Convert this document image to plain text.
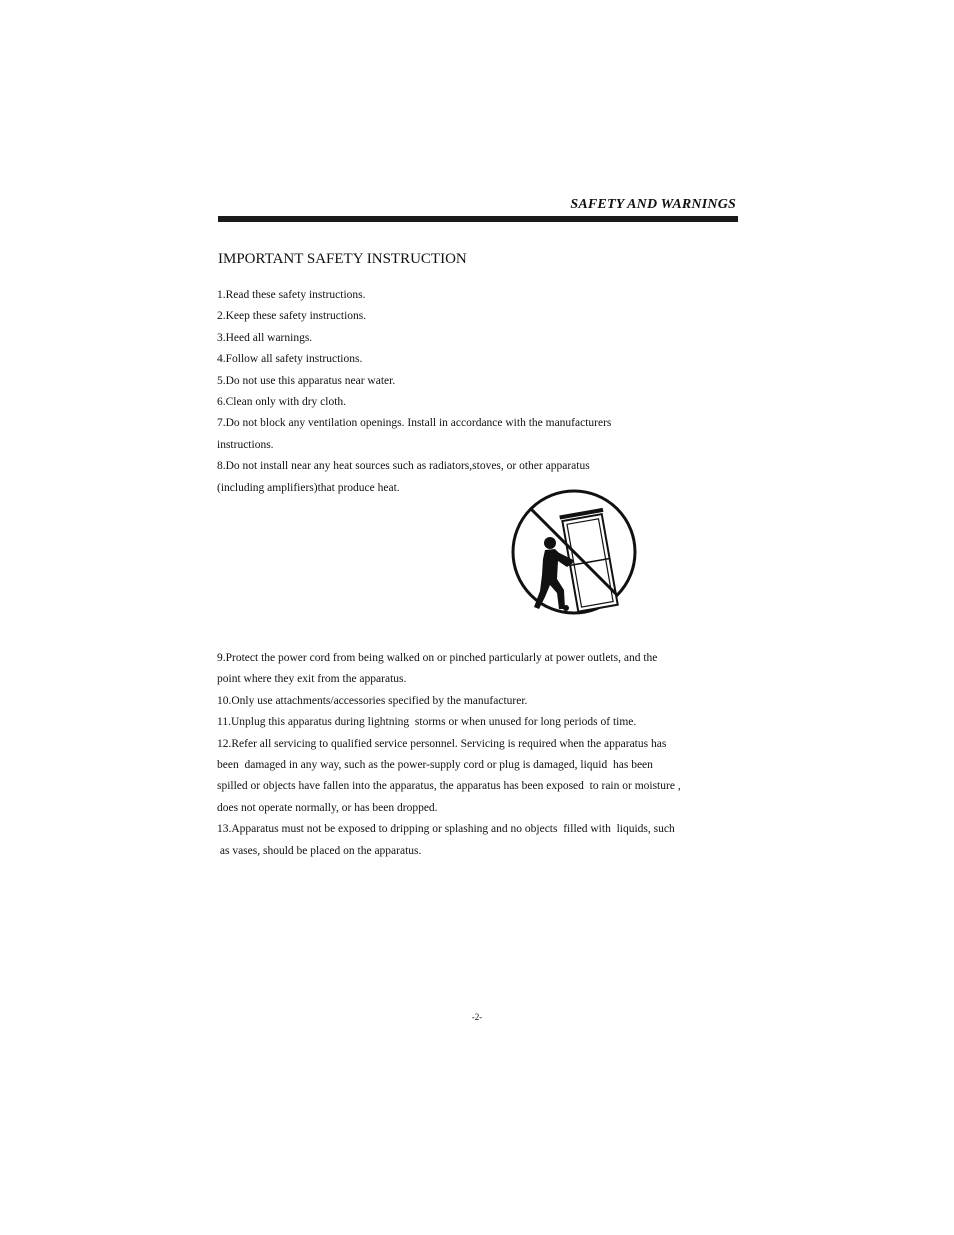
SAFETY AND WARNINGS
IMPORTANT SAFETY INSTRUCTION
1.Read these safety instructions.
2.Keep these safety instructions.
3.Heed all warnings.
4.Follow all safety instructions.
5.Do not use this apparatus near water.
6.Clean only with dry cloth.
7.Do not block any ventilation openings. Install in accordance with the manufacturers
instructions.
8.Do not install near any heat sources such as radiators,stoves, or other apparatus
(including amplifiers)that produce heat.
9.Protect the power cord from being walked on or pinched particularly at power outlets, and the
point where they exit from the apparatus.
10.Only use attachments/accessories specified by the manufacturer.
11.Unplug this apparatus during lightning  storms or when unused for long periods of time.
12.Refer all servicing to qualified service personnel. Servicing is required when the apparatus has
been  damaged in any way, such as the power-supply cord or plug is damaged, liquid  has been
spilled or objects have fallen into the apparatus, the apparatus has been exposed  to rain or moisture ,
does not operate normally, or has been dropped.
13.Apparatus must not be exposed to dripping or splashing and no objects  filled with  liquids, such
as vases, should be placed on the apparatus.
-2-
